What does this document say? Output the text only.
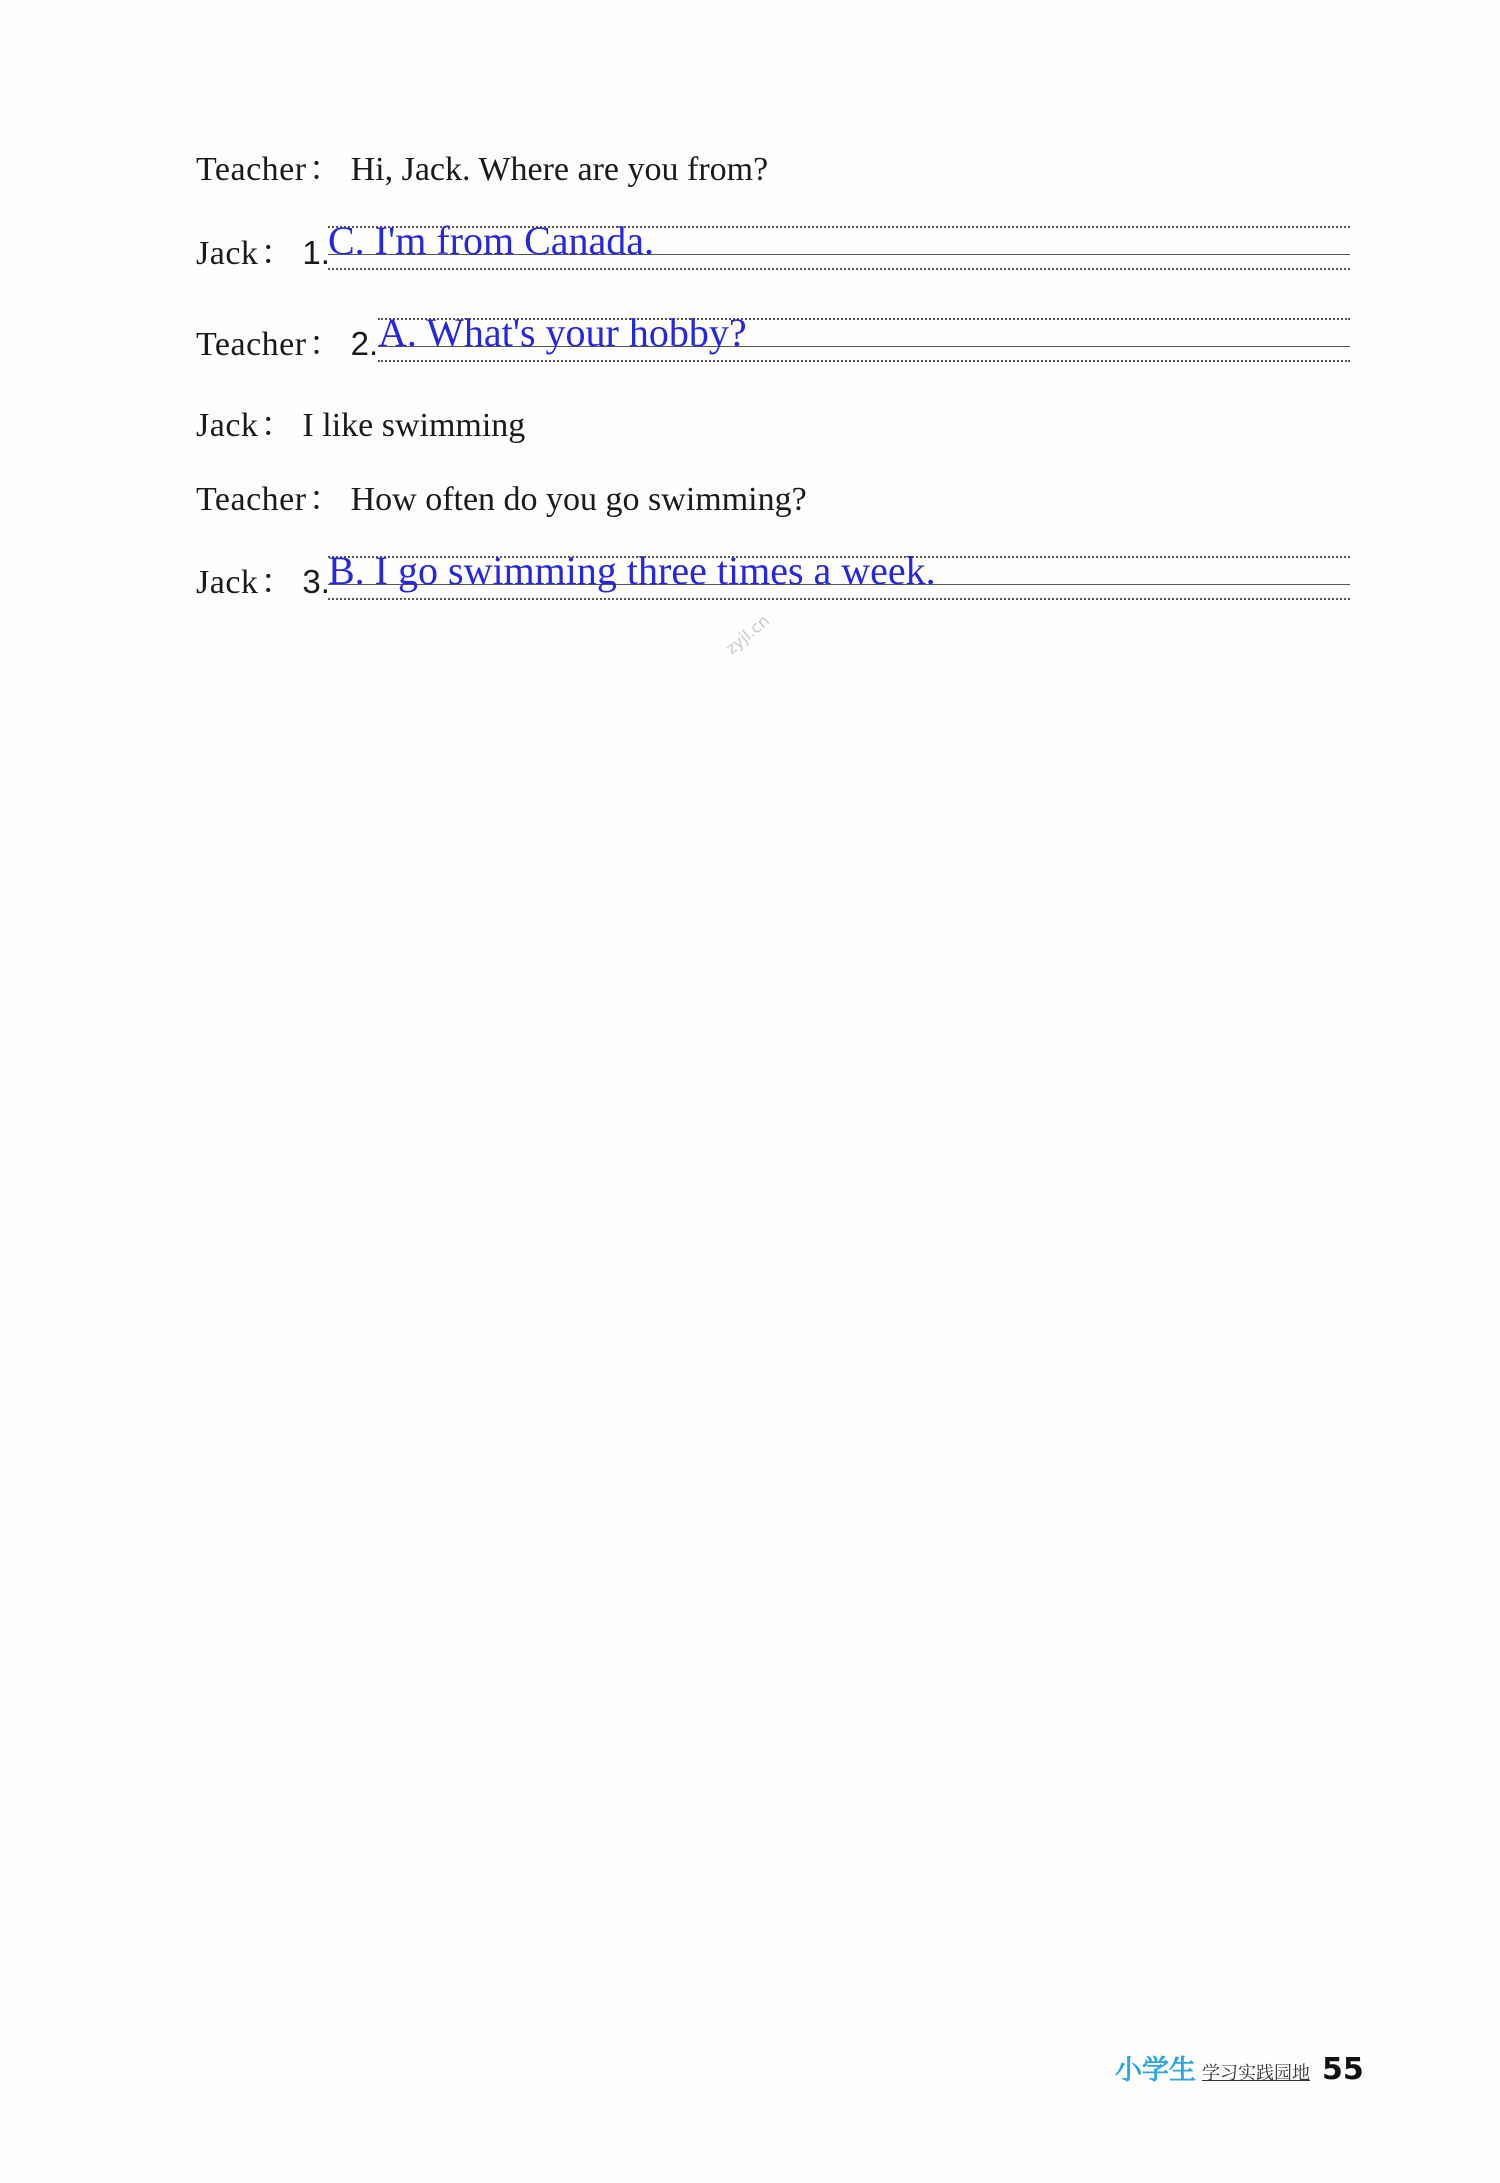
Teacher： Hi, Jack. Where are you from?
Jack： 1.
C. I'm from Canada.
Teacher： 2. A. What's your hobby?
Jack： I like swimming
Teacher： How often do you go swimming?
Jack： 3.
B. I go swimming three times a week.
zyjl.cn
小学生 学习实践园地 55
